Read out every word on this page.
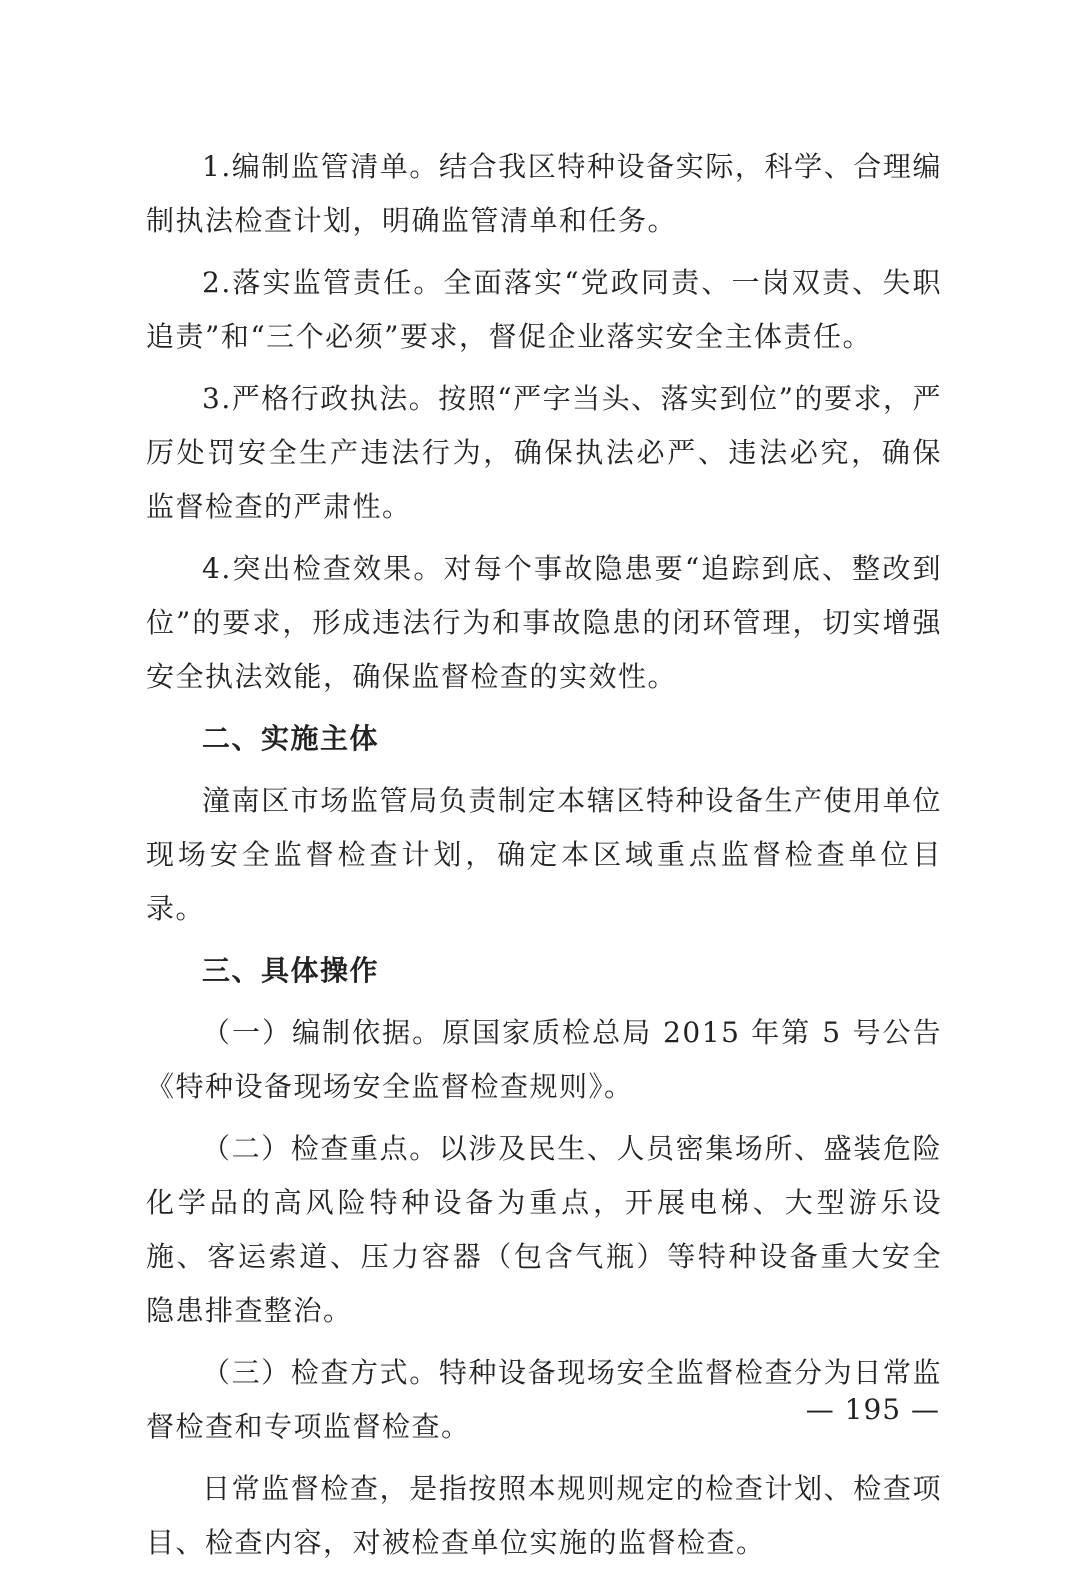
1.编制监管清单。结合我区特种设备实际，科学、合理编制执法检查计划，明确监管清单和任务。

2.落实监管责任。全面落实“党政同责、一岗双责、失职追责”和“三个必须”要求，督促企业落实安全主体责任。

3.严格行政执法。按照“严字当头、落实到位”的要求，严厉处罚安全生产违法行为，确保执法必严、违法必究，确保监督检查的严肃性。

4.突出检查效果。对每个事故隐患要“追踪到底、整改到位”的要求，形成违法行为和事故隐患的闭环管理，切实增强安全执法效能，确保监督检查的实效性。

二、实施主体

潼南区市场监管局负责制定本辖区特种设备生产使用单位现场安全监督检查计划，确定本区域重点监督检查单位目录。

三、具体操作

（一）编制依据。原国家质检总局 2015 年第 5 号公告《特种设备现场安全监督检查规则》。

（二）检查重点。以涉及民生、人员密集场所、盛装危险化学品的高风险特种设备为重点，开展电梯、大型游乐设施、客运索道、压力容器（包含气瓶）等特种设备重大安全隐患排查整治。

（三）检查方式。特种设备现场安全监督检查分为日常监督检查和专项监督检查。

日常监督检查，是指按照本规则规定的检查计划、检查项目、检查内容，对被检查单位实施的监督检查。

— 195 —
